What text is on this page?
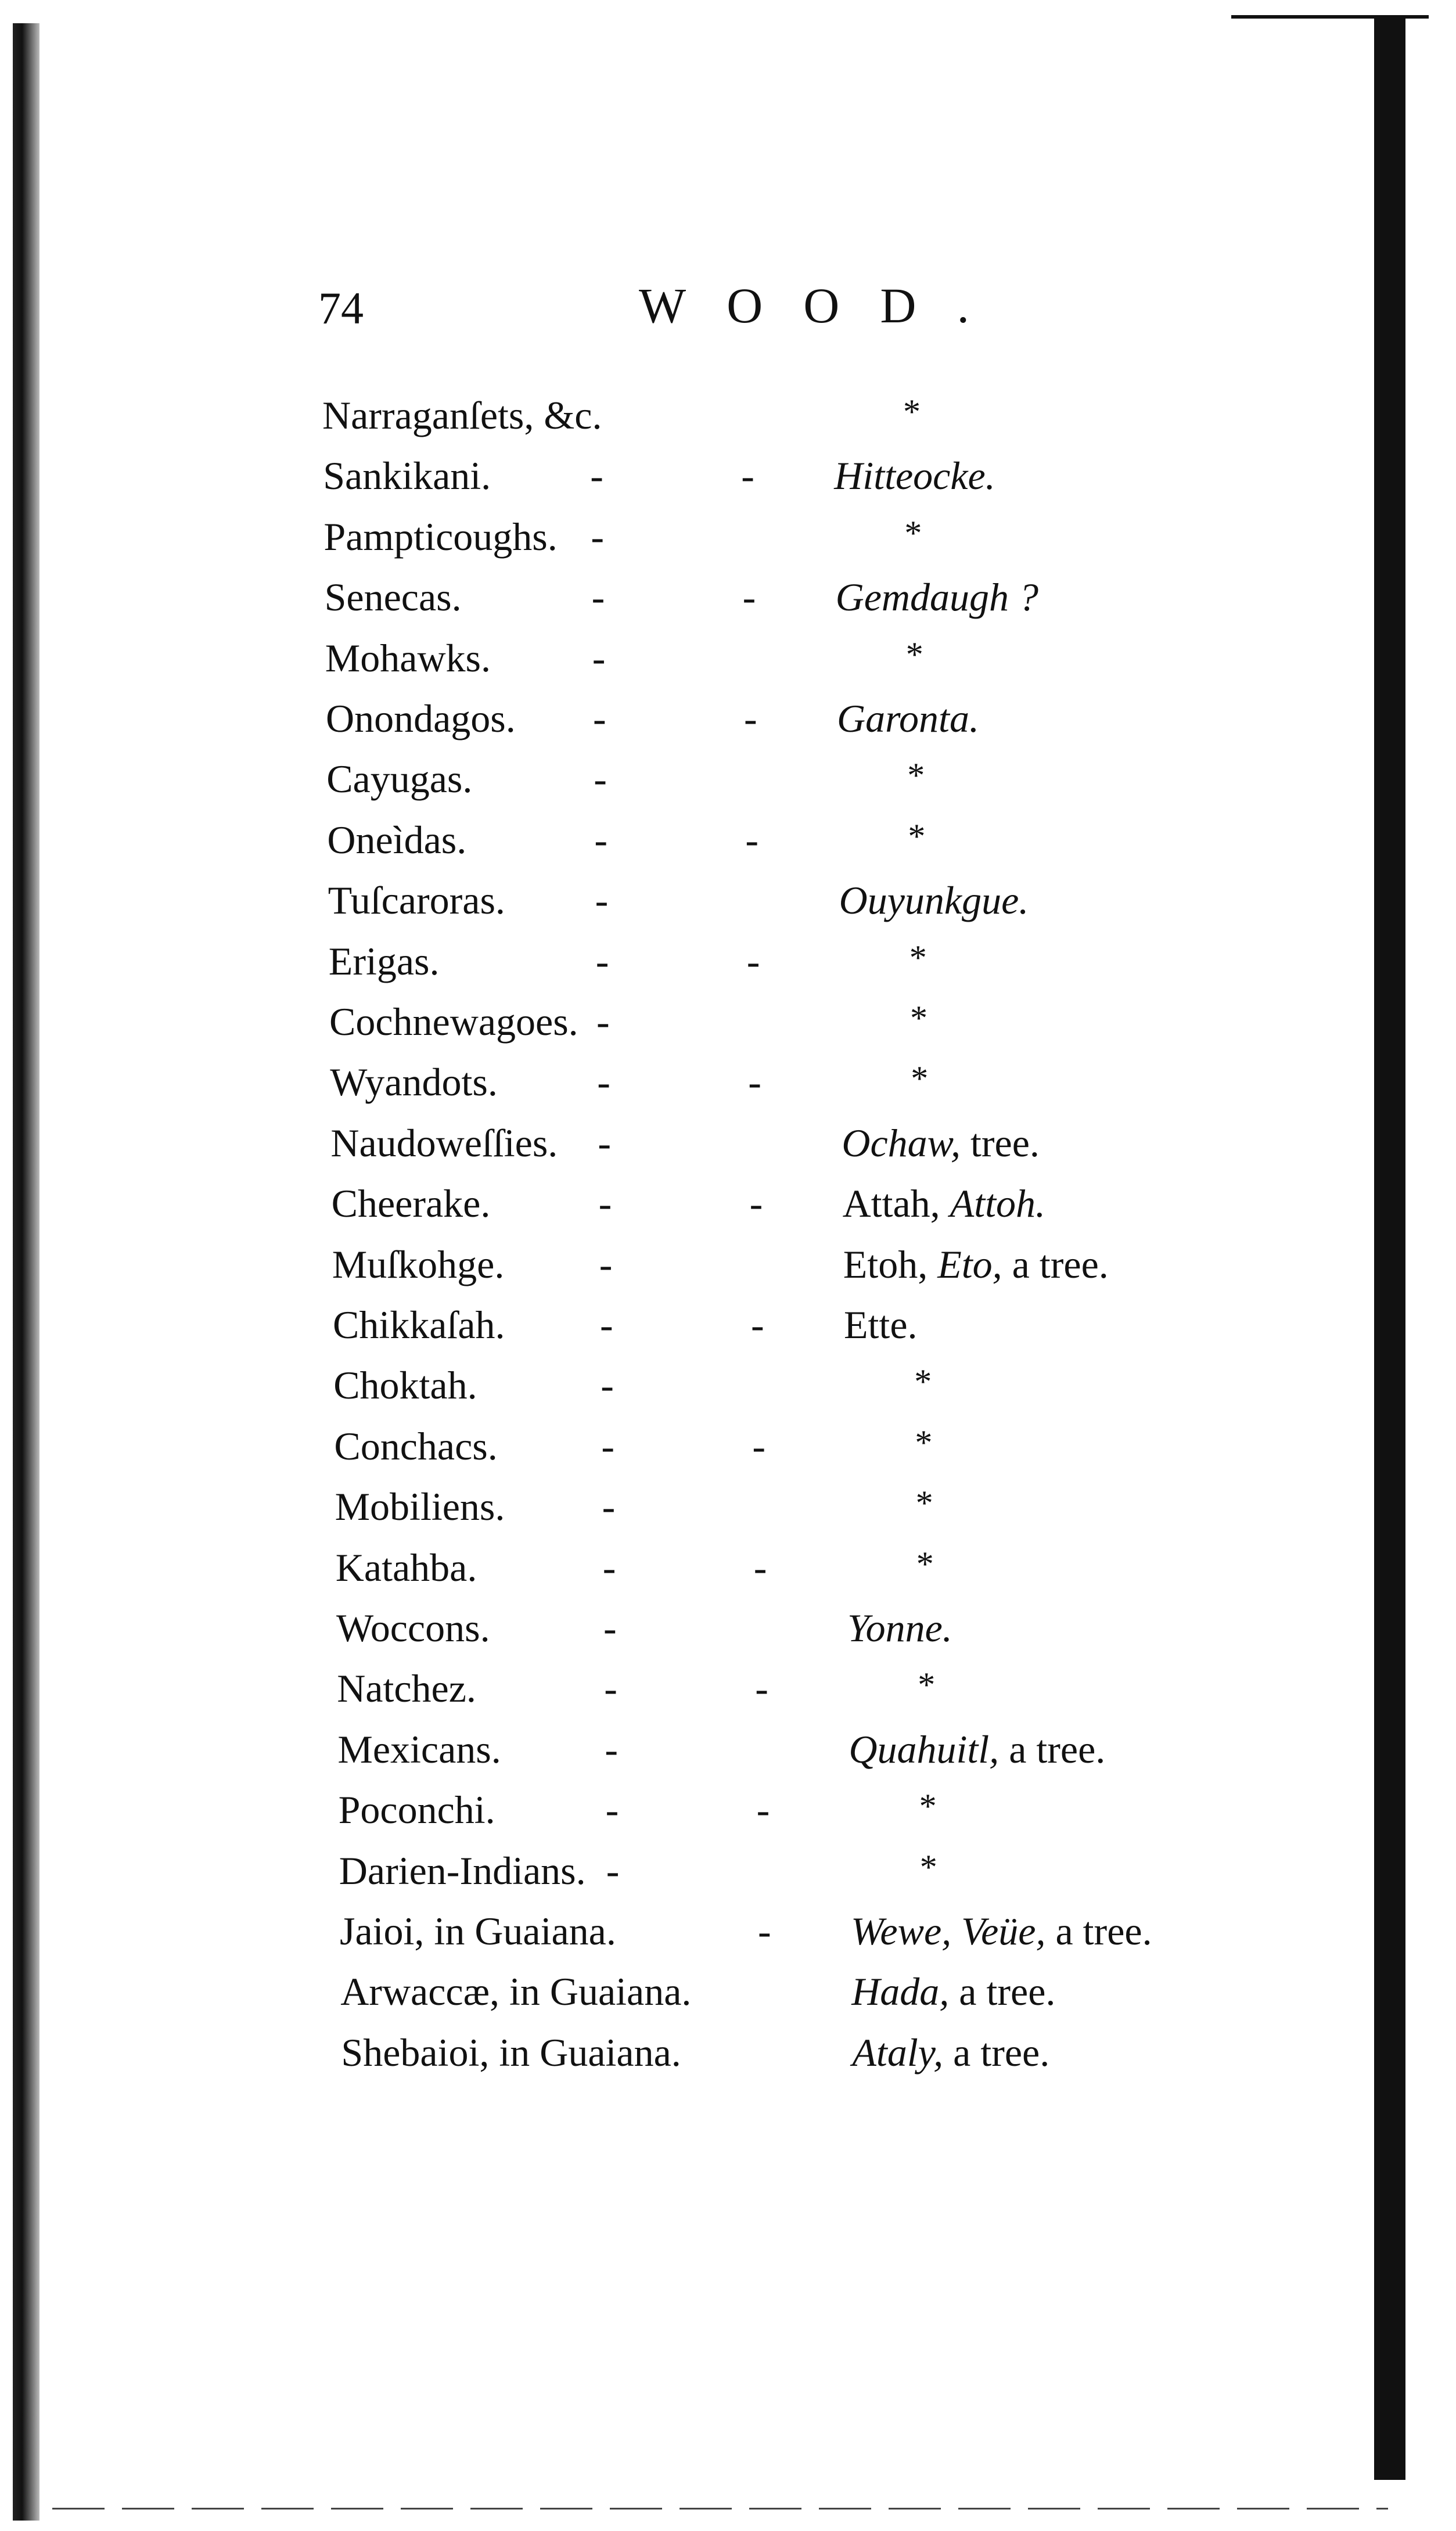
74	WOOD.
Narraganſets, &c.	*
Sankikani.	-	- Hitteocke.
Pampticoughs. -	*
Senecas.	-	- Gemdaugh ?
Mohawks.	-	*
Onondagos. -	- Garonta.
Cayugas.	-	*
Oneìdas.	-	-	*
Tuſcaroras. -	Ouyunkgue.
Erigas.	-	-	*
Cochnewagoes. -	*
Wyandots.	-	-	*
Naudoweſſies. -	Ochaw, tree.
Cheerake.	-	- Attah, Attoh.
Muſkohge. -	Etoh, Eto, a tree.
Chikkaſah. -	- Ette.
Choktah.	-	*
Conchacs.	-	-	*
Mobiliens. -	*
Katahba.	-	-	*
Woccons.	-	Yonne.
Natchez.	-	-	*
Mexicans.	-	Quahuitl, a tree.
Poconchi.	-	-	*
Darien-Indians. -	*
Jaioi, in Guaiana.	- Wewe, Veüe, a tree.
Arwaccæ, in Guaiana.	Hada, a tree.
Shebaioi, in Guaiana.	Ataly, a tree.
